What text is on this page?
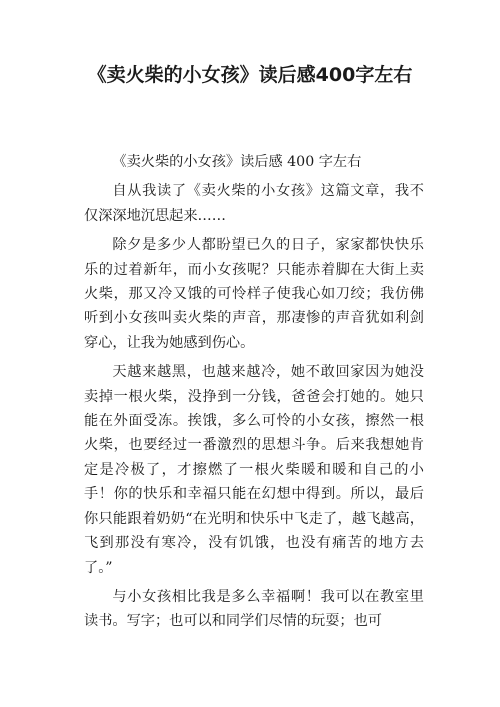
《卖火柴的小女孩》读后感400字左右

《卖火柴的小女孩》读后感 400 字左右

自从我读了《卖火柴的小女孩》这篇文章，我不仅深深地沉思起来……

除夕是多少人都盼望已久的日子，家家都快快乐乐的过着新年，而小女孩呢？只能赤着脚在大街上卖火柴，那又冷又饿的可怜样子使我心如刀绞；我仿佛听到小女孩叫卖火柴的声音，那凄惨的声音犹如利剑穿心，让我为她感到伤心。

天越来越黑，也越来越冷，她不敢回家因为她没卖掉一根火柴，没挣到一分钱，爸爸会打她的。她只能在外面受冻。挨饿，多么可怜的小女孩，擦然一根火柴，也要经过一番激烈的思想斗争。后来我想她肯定是冷极了，才擦燃了一根火柴暖和暖和自己的小手！你的快乐和幸福只能在幻想中得到。所以，最后你只能跟着奶奶“在光明和快乐中飞走了，越飞越高，飞到那没有寒冷，没有饥饿，也没有痛苦的地方去了。”

与小女孩相比我是多么幸福啊！我可以在教室里读书。写字；也可以和同学们尽情的玩耍；也可
